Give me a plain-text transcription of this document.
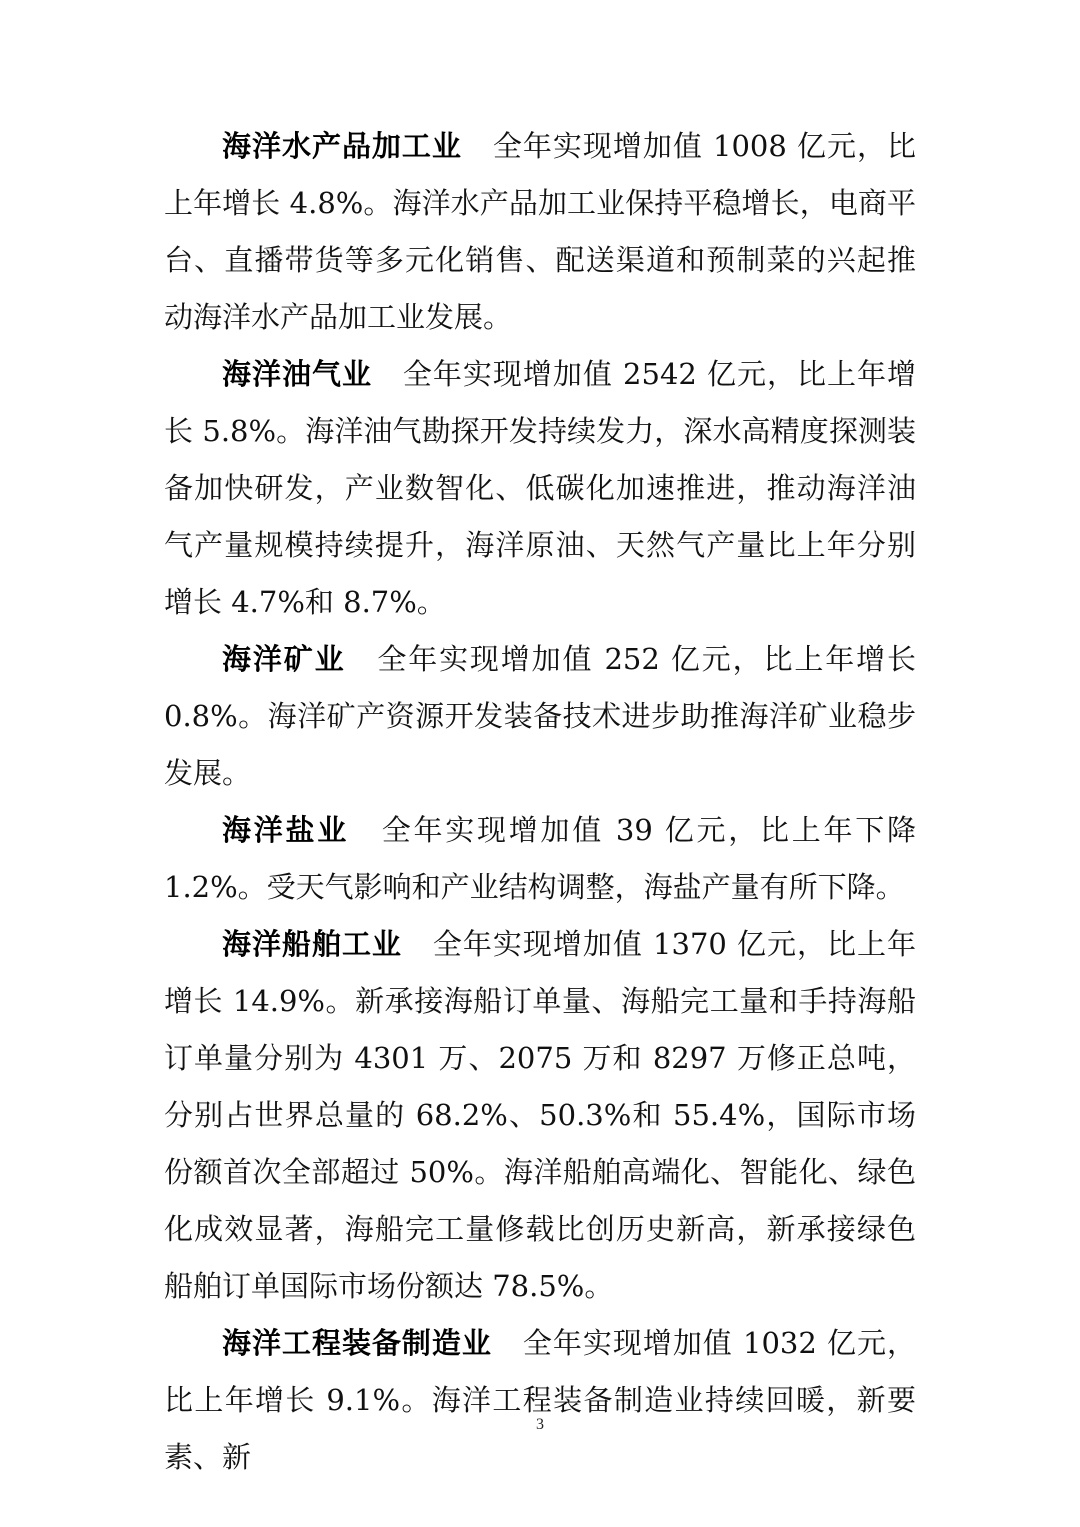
海洋水产品加工业 全年实现增加值 1008 亿元，比上年增长 4.8%。海洋水产品加工业保持平稳增长，电商平台、直播带货等多元化销售、配送渠道和预制菜的兴起推动海洋水产品加工业发展。

海洋油气业 全年实现增加值 2542 亿元，比上年增长 5.8%。海洋油气勘探开发持续发力，深水高精度探测装备加快研发，产业数智化、低碳化加速推进，推动海洋油气产量规模持续提升，海洋原油、天然气产量比上年分别增长 4.7%和 8.7%。

海洋矿业 全年实现增加值 252 亿元，比上年增长 0.8%。海洋矿产资源开发装备技术进步助推海洋矿业稳步发展。

海洋盐业 全年实现增加值 39 亿元，比上年下降 1.2%。受天气影响和产业结构调整，海盐产量有所下降。

海洋船舶工业 全年实现增加值 1370 亿元，比上年增长 14.9%。新承接海船订单量、海船完工量和手持海船订单量分别为 4301 万、2075 万和 8297 万修正总吨，分别占世界总量的 68.2%、50.3%和 55.4%，国际市场份额首次全部超过 50%。海洋船舶高端化、智能化、绿色化成效显著，海船完工量修载比创历史新高，新承接绿色船舶订单国际市场份额达 78.5%。

海洋工程装备制造业 全年实现增加值 1032 亿元，比上年增长 9.1%。海洋工程装备制造业持续回暖，新要素、新

3
